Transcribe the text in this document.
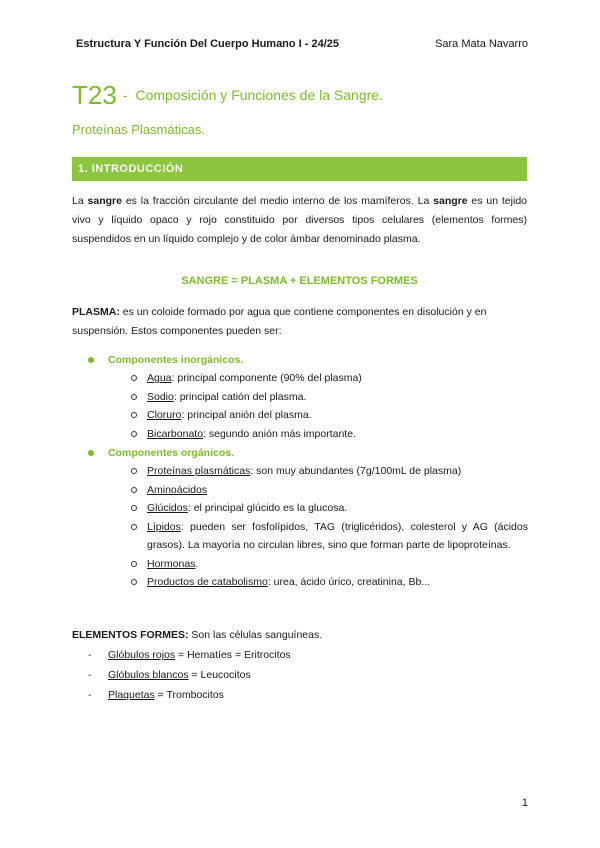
Estructura Y Función Del Cuerpo Humano I - 24/25	Sara Mata Navarro
T23 - Composición y Funciones de la Sangre.
Proteínas Plasmáticas.
1. INTRODUCCIÓN
La sangre es la fracción circulante del medio interno de los mamíferos. La sangre es un tejido vivo y líquido opaco y rojo constituido por diversos tipos celulares (elementos formes) suspendidos en un líquido complejo y de color ámbar denominado plasma.
SANGRE = PLASMA + ELEMENTOS FORMES
PLASMA: es un coloide formado por agua que contiene componentes en disolución y en suspensión. Estos componentes pueden ser:
Componentes inorgánicos.
Agua: principal componente (90% del plasma)
Sodio: principal catión del plasma.
Cloruro: principal anión del plasma.
Bicarbonato: segundo anión más importante.
Componentes orgánicos.
Proteínas plasmáticas: son muy abundantes (7g/100mL de plasma)
Aminoácidos
Glúcidos: el principal glúcido es la glucosa.
Lípidos: pueden ser fosfolípidos, TAG (triglicéridos), colesterol y AG (ácidos grasos). La mayoría no circulan libres, sino que forman parte de lipoproteínas.
Hormonas.
Productos de catabolismo: urea, ácido úrico, creatinina, Bb...
ELEMENTOS FORMES: Son las células sanguíneas.
-	Glóbulos rojos = Hematíes = Eritrocitos
-	Glóbulos blancos = Leucocitos
-	Plaquetas = Trombocitos
1
